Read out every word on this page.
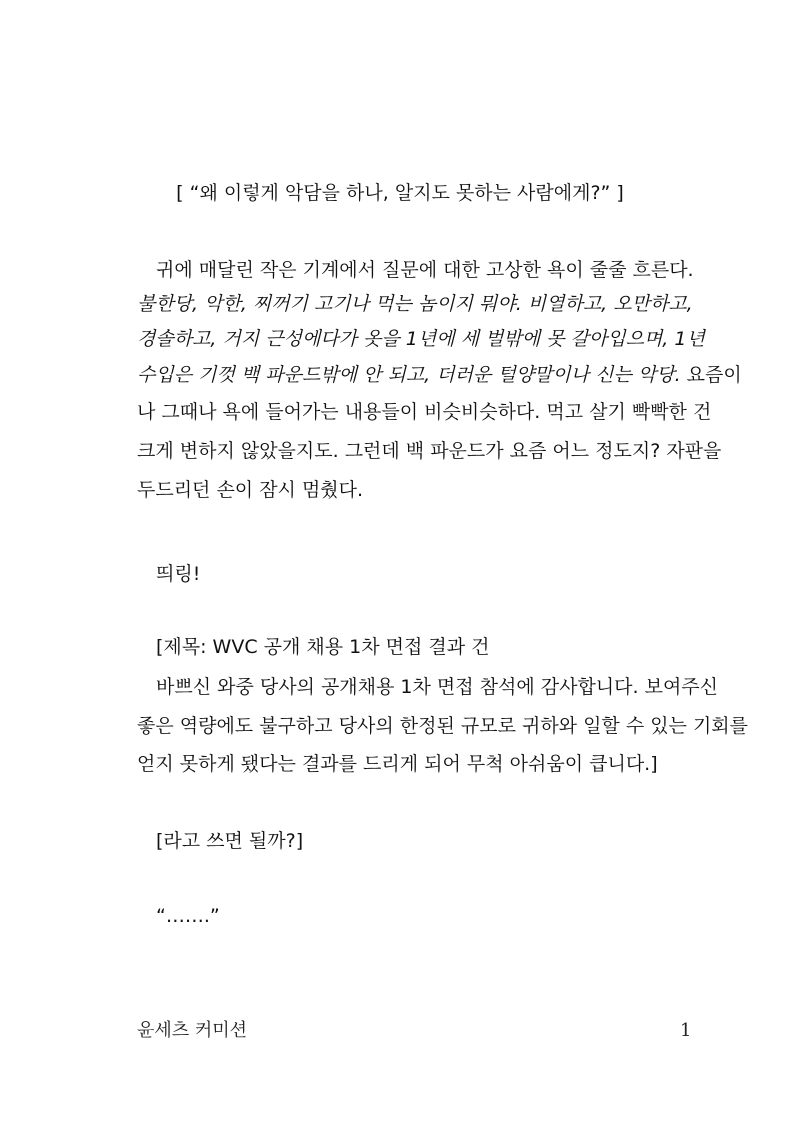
[ “왜 이렇게 악담을 하나, 알지도 못하는 사람에게?” ]
귀에 매달린 작은 기계에서 질문에 대한 고상한 욕이 줄줄 흐른다.
불한당, 악한, 찌꺼기 고기나 먹는 놈이지 뭐야. 비열하고, 오만하고,
경솔하고, 거지 근성에다가 옷을 1년에 세 벌밖에 못 갈아입으며, 1년
수입은 기껏 백 파운드밖에 안 되고, 더러운 털양말이나 신는 악당. 요즘이
나 그때나 욕에 들어가는 내용들이 비슷비슷하다. 먹고 살기 빡빡한 건
크게 변하지 않았을지도. 그런데 백 파운드가 요즘 어느 정도지? 자판을
두드리던 손이 잠시 멈췄다.
띄링!
[제목: WVC 공개 채용 1차 면접 결과 건
바쁘신 와중 당사의 공개채용 1차 면접 참석에 감사합니다. 보여주신
좋은 역량에도 불구하고 당사의 한정된 규모로 귀하와 일할 수 있는 기회를
얻지 못하게 됐다는 결과를 드리게 되어 무척 아쉬움이 큽니다.]
[라고 쓰면 될까?]
“…….”
윤세츠 커미션	1
